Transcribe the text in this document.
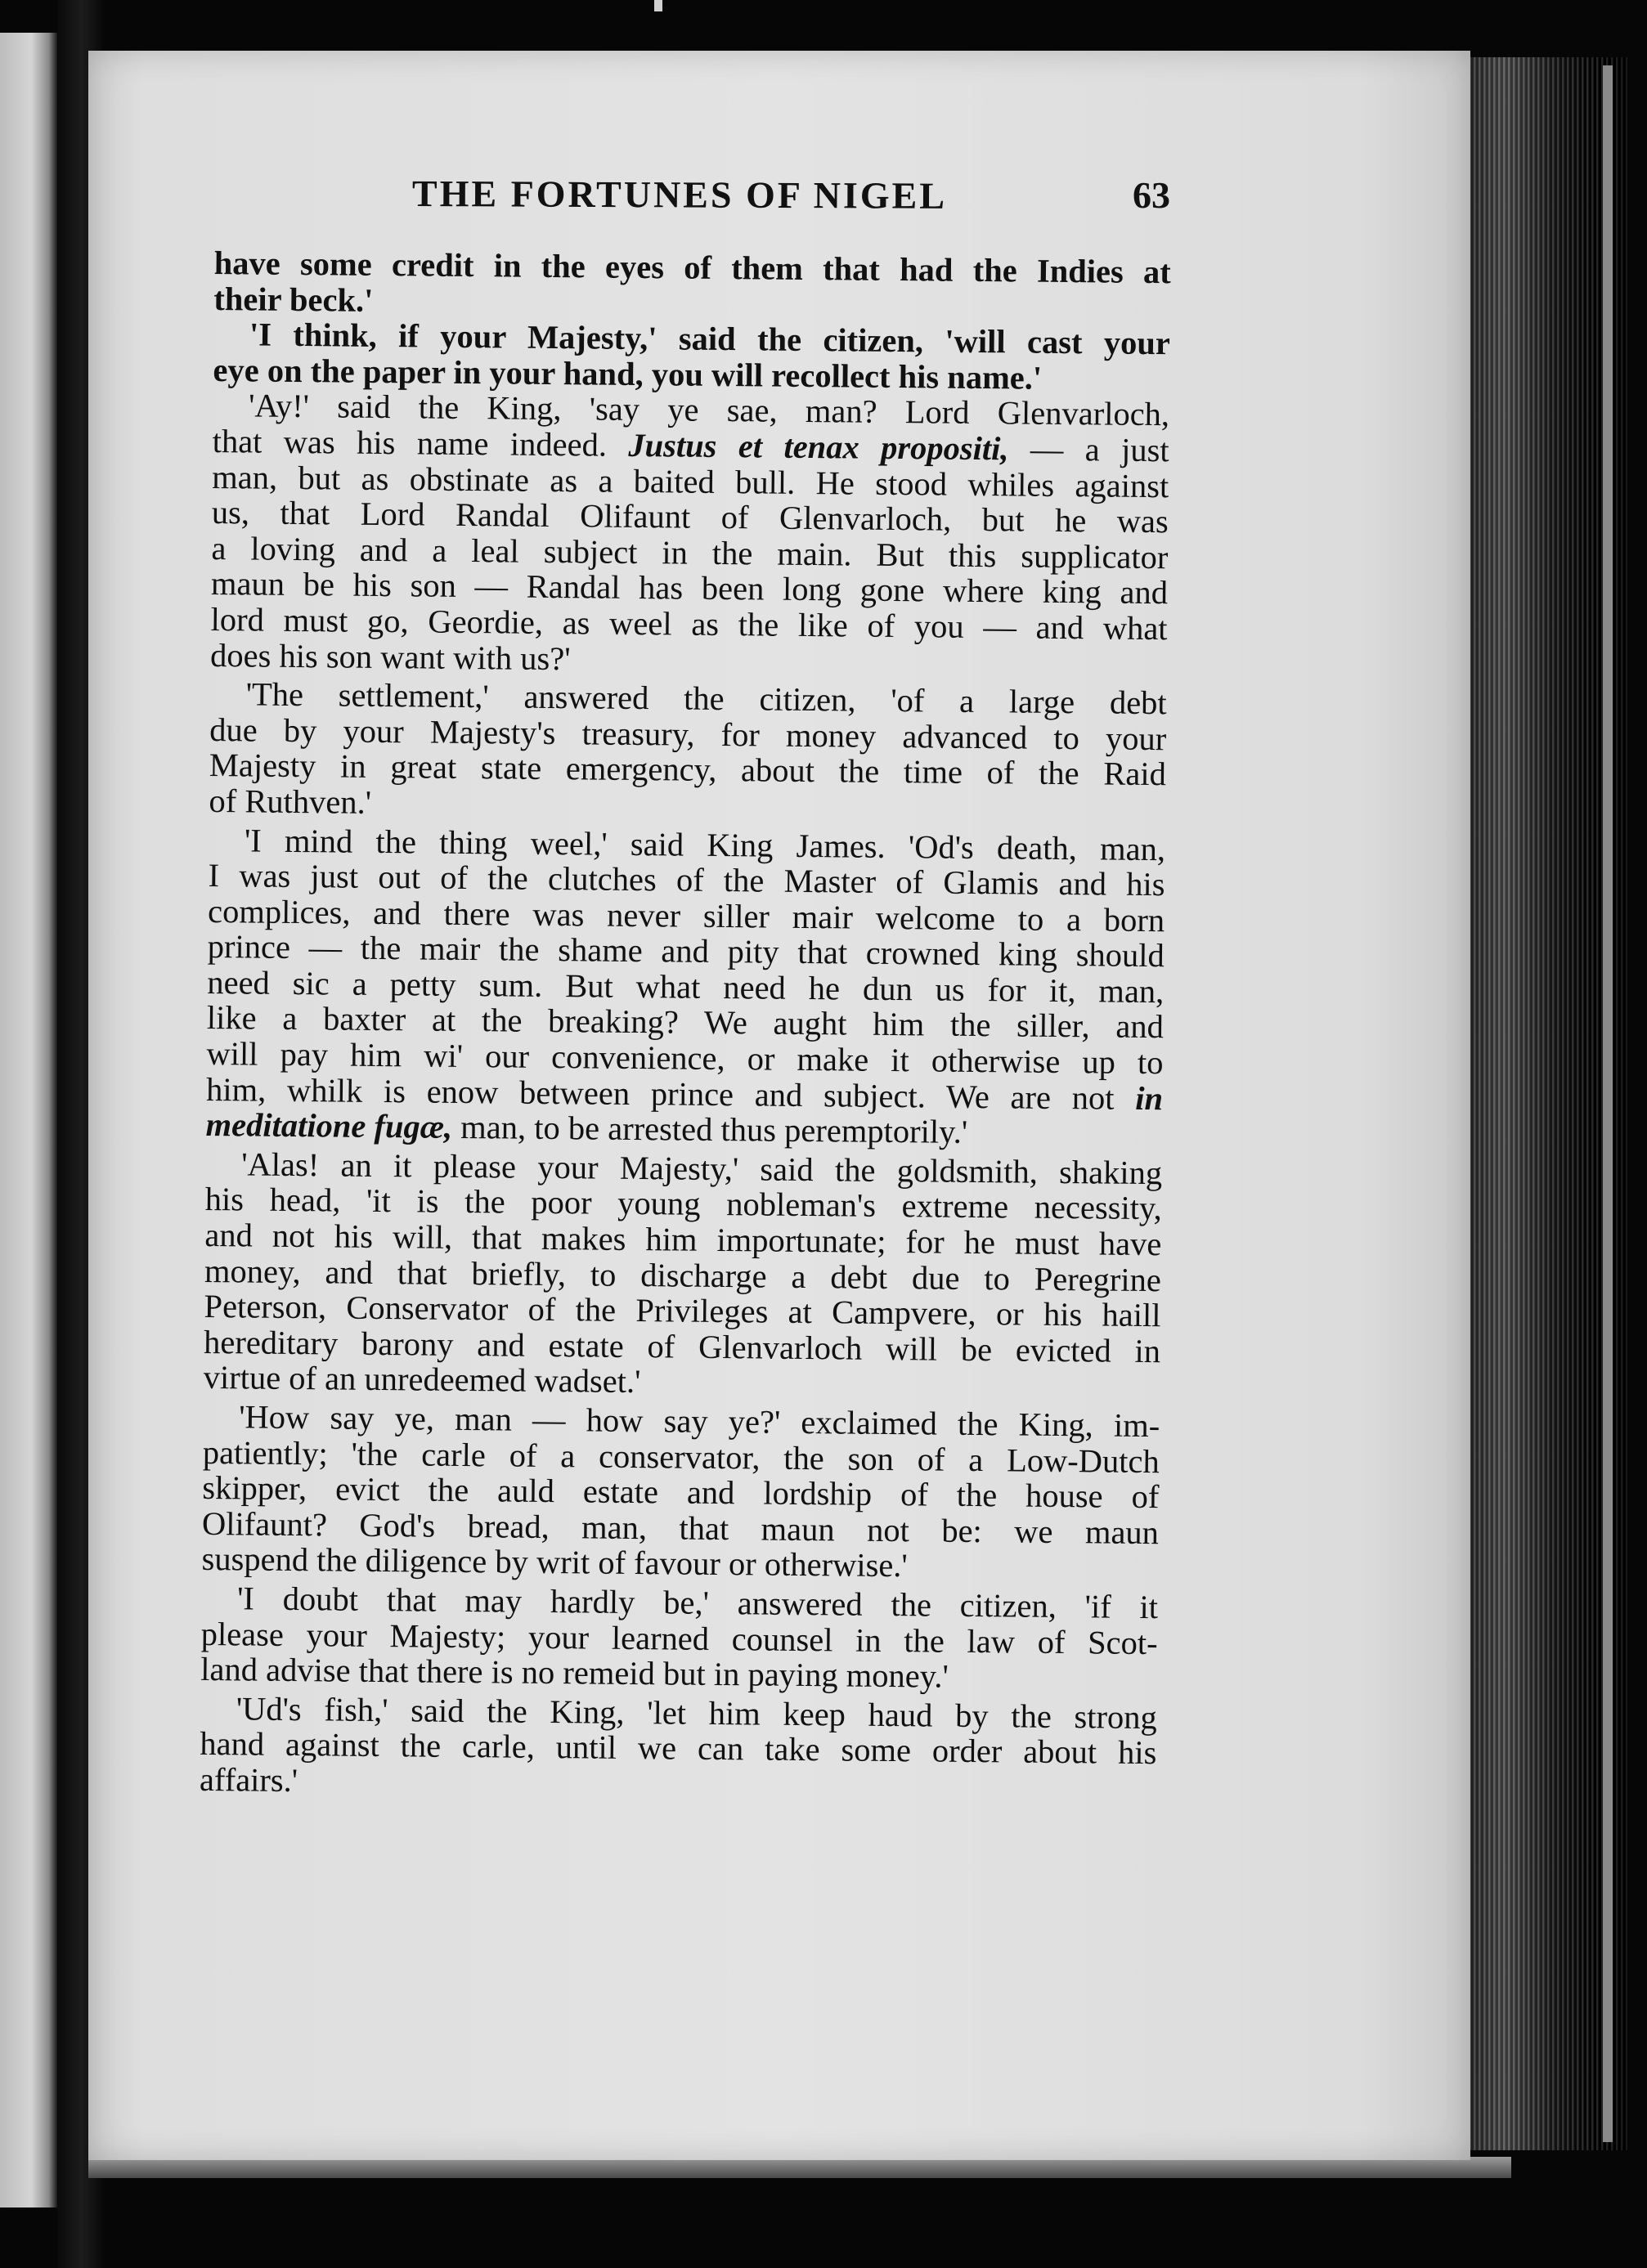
THE FORTUNES OF NIGEL	63
have some credit in the eyes of them that had the Indies at
their beck.'
'I think, if your Majesty,' said the citizen, 'will cast your
eye on the paper in your hand, you will recollect his name.'
'Ay!' said the King, 'say ye sae, man? Lord Glenvarloch,
that was his name indeed. Justus et tenax propositi, — a just
man, but as obstinate as a baited bull. He stood whiles against
us, that Lord Randal Olifaunt of Glenvarloch, but he was
a loving and a leal subject in the main. But this supplicator
maun be his son — Randal has been long gone where king and
lord must go, Geordie, as weel as the like of you — and what
does his son want with us?'
'The settlement,' answered the citizen, 'of a large debt
due by your Majesty's treasury, for money advanced to your
Majesty in great state emergency, about the time of the Raid
of Ruthven.'
'I mind the thing weel,' said King James. 'Od's death, man,
I was just out of the clutches of the Master of Glamis and his
complices, and there was never siller mair welcome to a born
prince — the mair the shame and pity that crowned king should
need sic a petty sum. But what need he dun us for it, man,
like a baxter at the breaking? We aught him the siller, and
will pay him wi' our convenience, or make it otherwise up to
him, whilk is enow between prince and subject. We are not in
meditatione fugæ, man, to be arrested thus peremptorily.'
'Alas! an it please your Majesty,' said the goldsmith, shaking
his head, 'it is the poor young nobleman's extreme necessity,
and not his will, that makes him importunate; for he must have
money, and that briefly, to discharge a debt due to Peregrine
Peterson, Conservator of the Privileges at Campvere, or his haill
hereditary barony and estate of Glenvarloch will be evicted in
virtue of an unredeemed wadset.'
'How say ye, man — how say ye?' exclaimed the King, im-
patiently; 'the carle of a conservator, the son of a Low-Dutch
skipper, evict the auld estate and lordship of the house of
Olifaunt? God's bread, man, that maun not be: we maun
suspend the diligence by writ of favour or otherwise.'
'I doubt that may hardly be,' answered the citizen, 'if it
please your Majesty; your learned counsel in the law of Scot-
land advise that there is no remeid but in paying money.'
'Ud's fish,' said the King, 'let him keep haud by the strong
hand against the carle, until we can take some order about his
affairs.'
